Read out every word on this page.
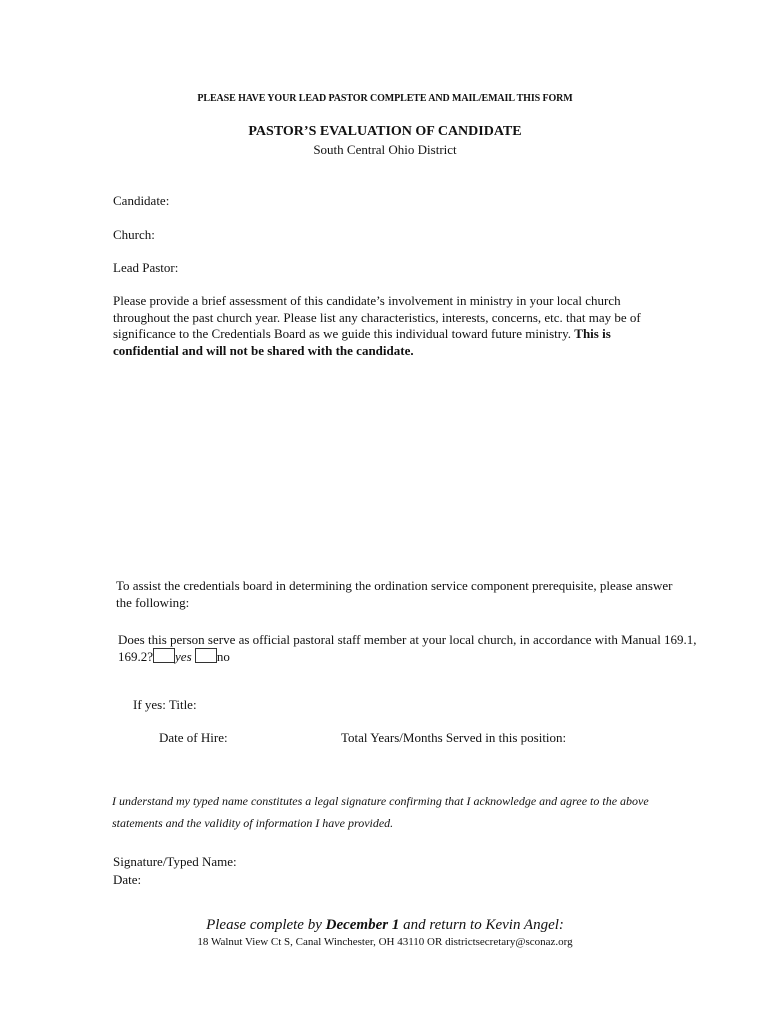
PLEASE HAVE YOUR LEAD PASTOR COMPLETE AND MAIL/EMAIL THIS FORM
PASTOR’S EVALUATION OF CANDIDATE
South Central Ohio District
Candidate:
Church:
Lead Pastor:
Please provide a brief assessment of this candidate’s involvement in ministry in your local church throughout the past church year. Please list any characteristics, interests, concerns, etc. that may be of significance to the Credentials Board as we guide this individual toward future ministry. This is confidential and will not be shared with the candidate.
To assist the credentials board in determining the ordination service component prerequisite, please answer the following:
Does this person serve as official pastoral staff member at your local church, in accordance with Manual 169.1, 169.2? yes no
If yes: Title:
Date of Hire:	Total Years/Months Served in this position:
I understand my typed name constitutes a legal signature confirming that I acknowledge and agree to the above statements and the validity of information I have provided.
Signature/Typed Name:
Date:
Please complete by December 1 and return to Kevin Angel:
18 Walnut View Ct S, Canal Winchester, OH 43110 OR districtsecretary@sconaz.org
